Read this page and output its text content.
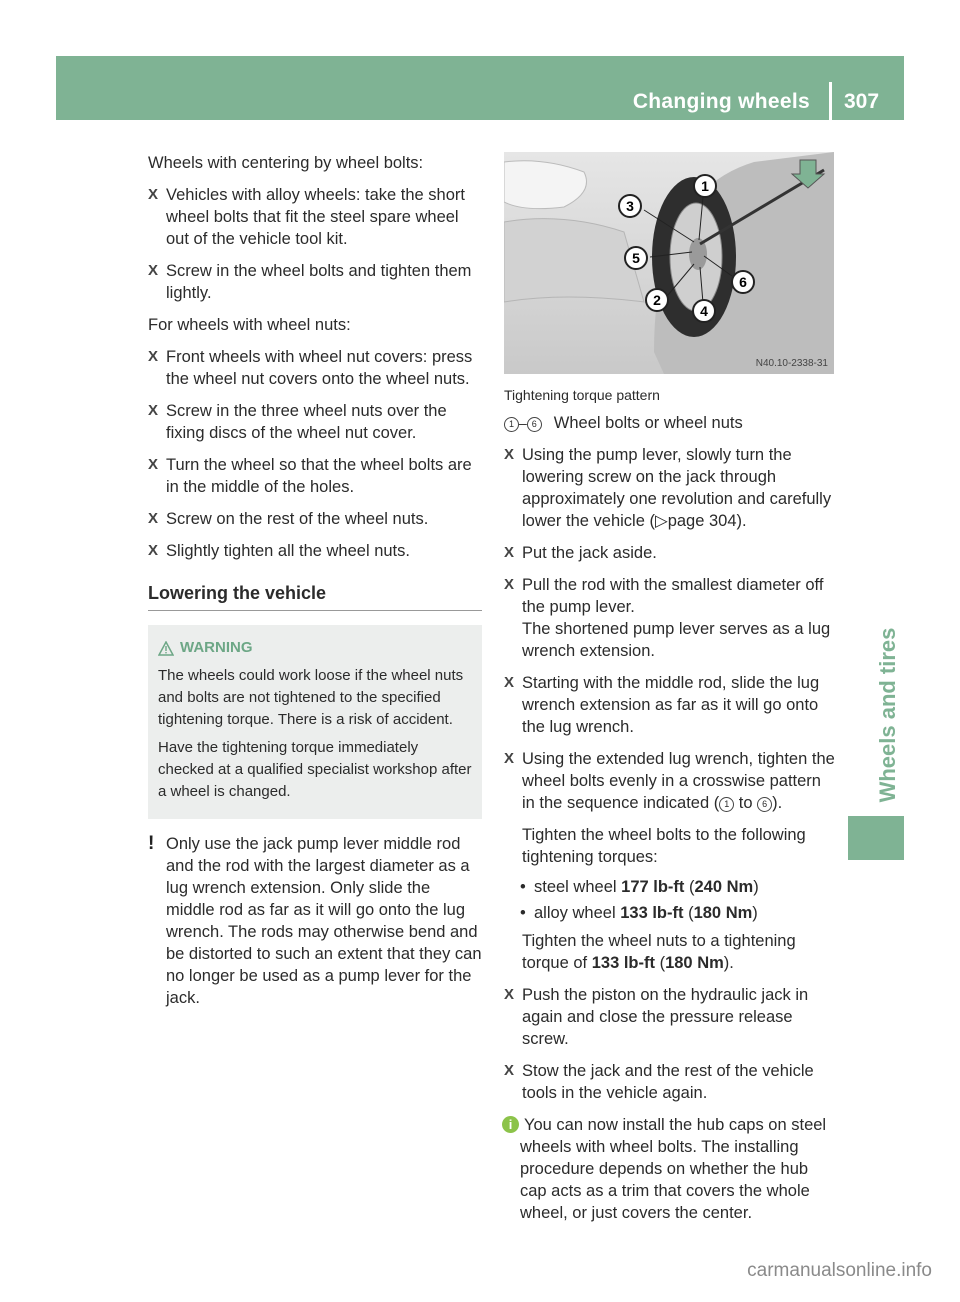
Changing wheels 307
Wheels and tires

Wheels with centering by wheel bolts:

X Vehicles with alloy wheels: take the short wheel bolts that fit the steel spare wheel out of the vehicle tool kit.
X Screw in the wheel bolts and tighten them lightly.

For wheels with wheel nuts:

X Front wheels with wheel nut covers: press the wheel nut covers onto the wheel nuts.
X Screw in the three wheel nuts over the fixing discs of the wheel nut cover.
X Turn the wheel so that the wheel bolts are in the middle of the holes.
X Screw on the rest of the wheel nuts.
X Slightly tighten all the wheel nuts.
Lowering the vehicle
WARNING

The wheels could work loose if the wheel nuts and bolts are not tightened to the specified tightening torque. There is a risk of accident.

Have the tightening torque immediately checked at a qualified specialist workshop after a wheel is changed.

! Only use the jack pump lever middle rod and the rod with the largest diameter as a lug wrench extension. Only slide the middle rod as far as it will go onto the lug wrench. The rods may otherwise bend and be distorted to such an extent that they can no longer be used as a pump lever for the jack.
1
2
3
4
5
6
N40.10-2338-31
Tightening torque pattern
1 – 6	Wheel bolts or wheel nuts
X Using the pump lever, slowly turn the lowering screw on the jack through approximately one revolution and carefully lower the vehicle (▷page 304).
X Put the jack aside.
X Pull the rod with the smallest diameter off the pump lever.
The shortened pump lever serves as a lug wrench extension.
X Starting with the middle rod, slide the lug wrench extension as far as it will go onto the lug wrench.
X Using the extended lug wrench, tighten the wheel bolts evenly in a crosswise pattern in the sequence indicated ( 1 to 6 ).

Tighten the wheel bolts to the following tightening torques:

• steel wheel 177 lb-ft (240 Nm)
• alloy wheel 133 lb-ft (180 Nm)

Tighten the wheel nuts to a tightening torque of 133 lb-ft (180 Nm).

X Push the piston on the hydraulic jack in again and close the pressure release screw.
X Stow the jack and the rest of the vehicle tools in the vehicle again.
i You can now install the hub caps on steel wheels with wheel bolts. The installing procedure depends on whether the hub cap acts as a trim that covers the whole wheel, or just covers the center.
carmanualsonline.info
